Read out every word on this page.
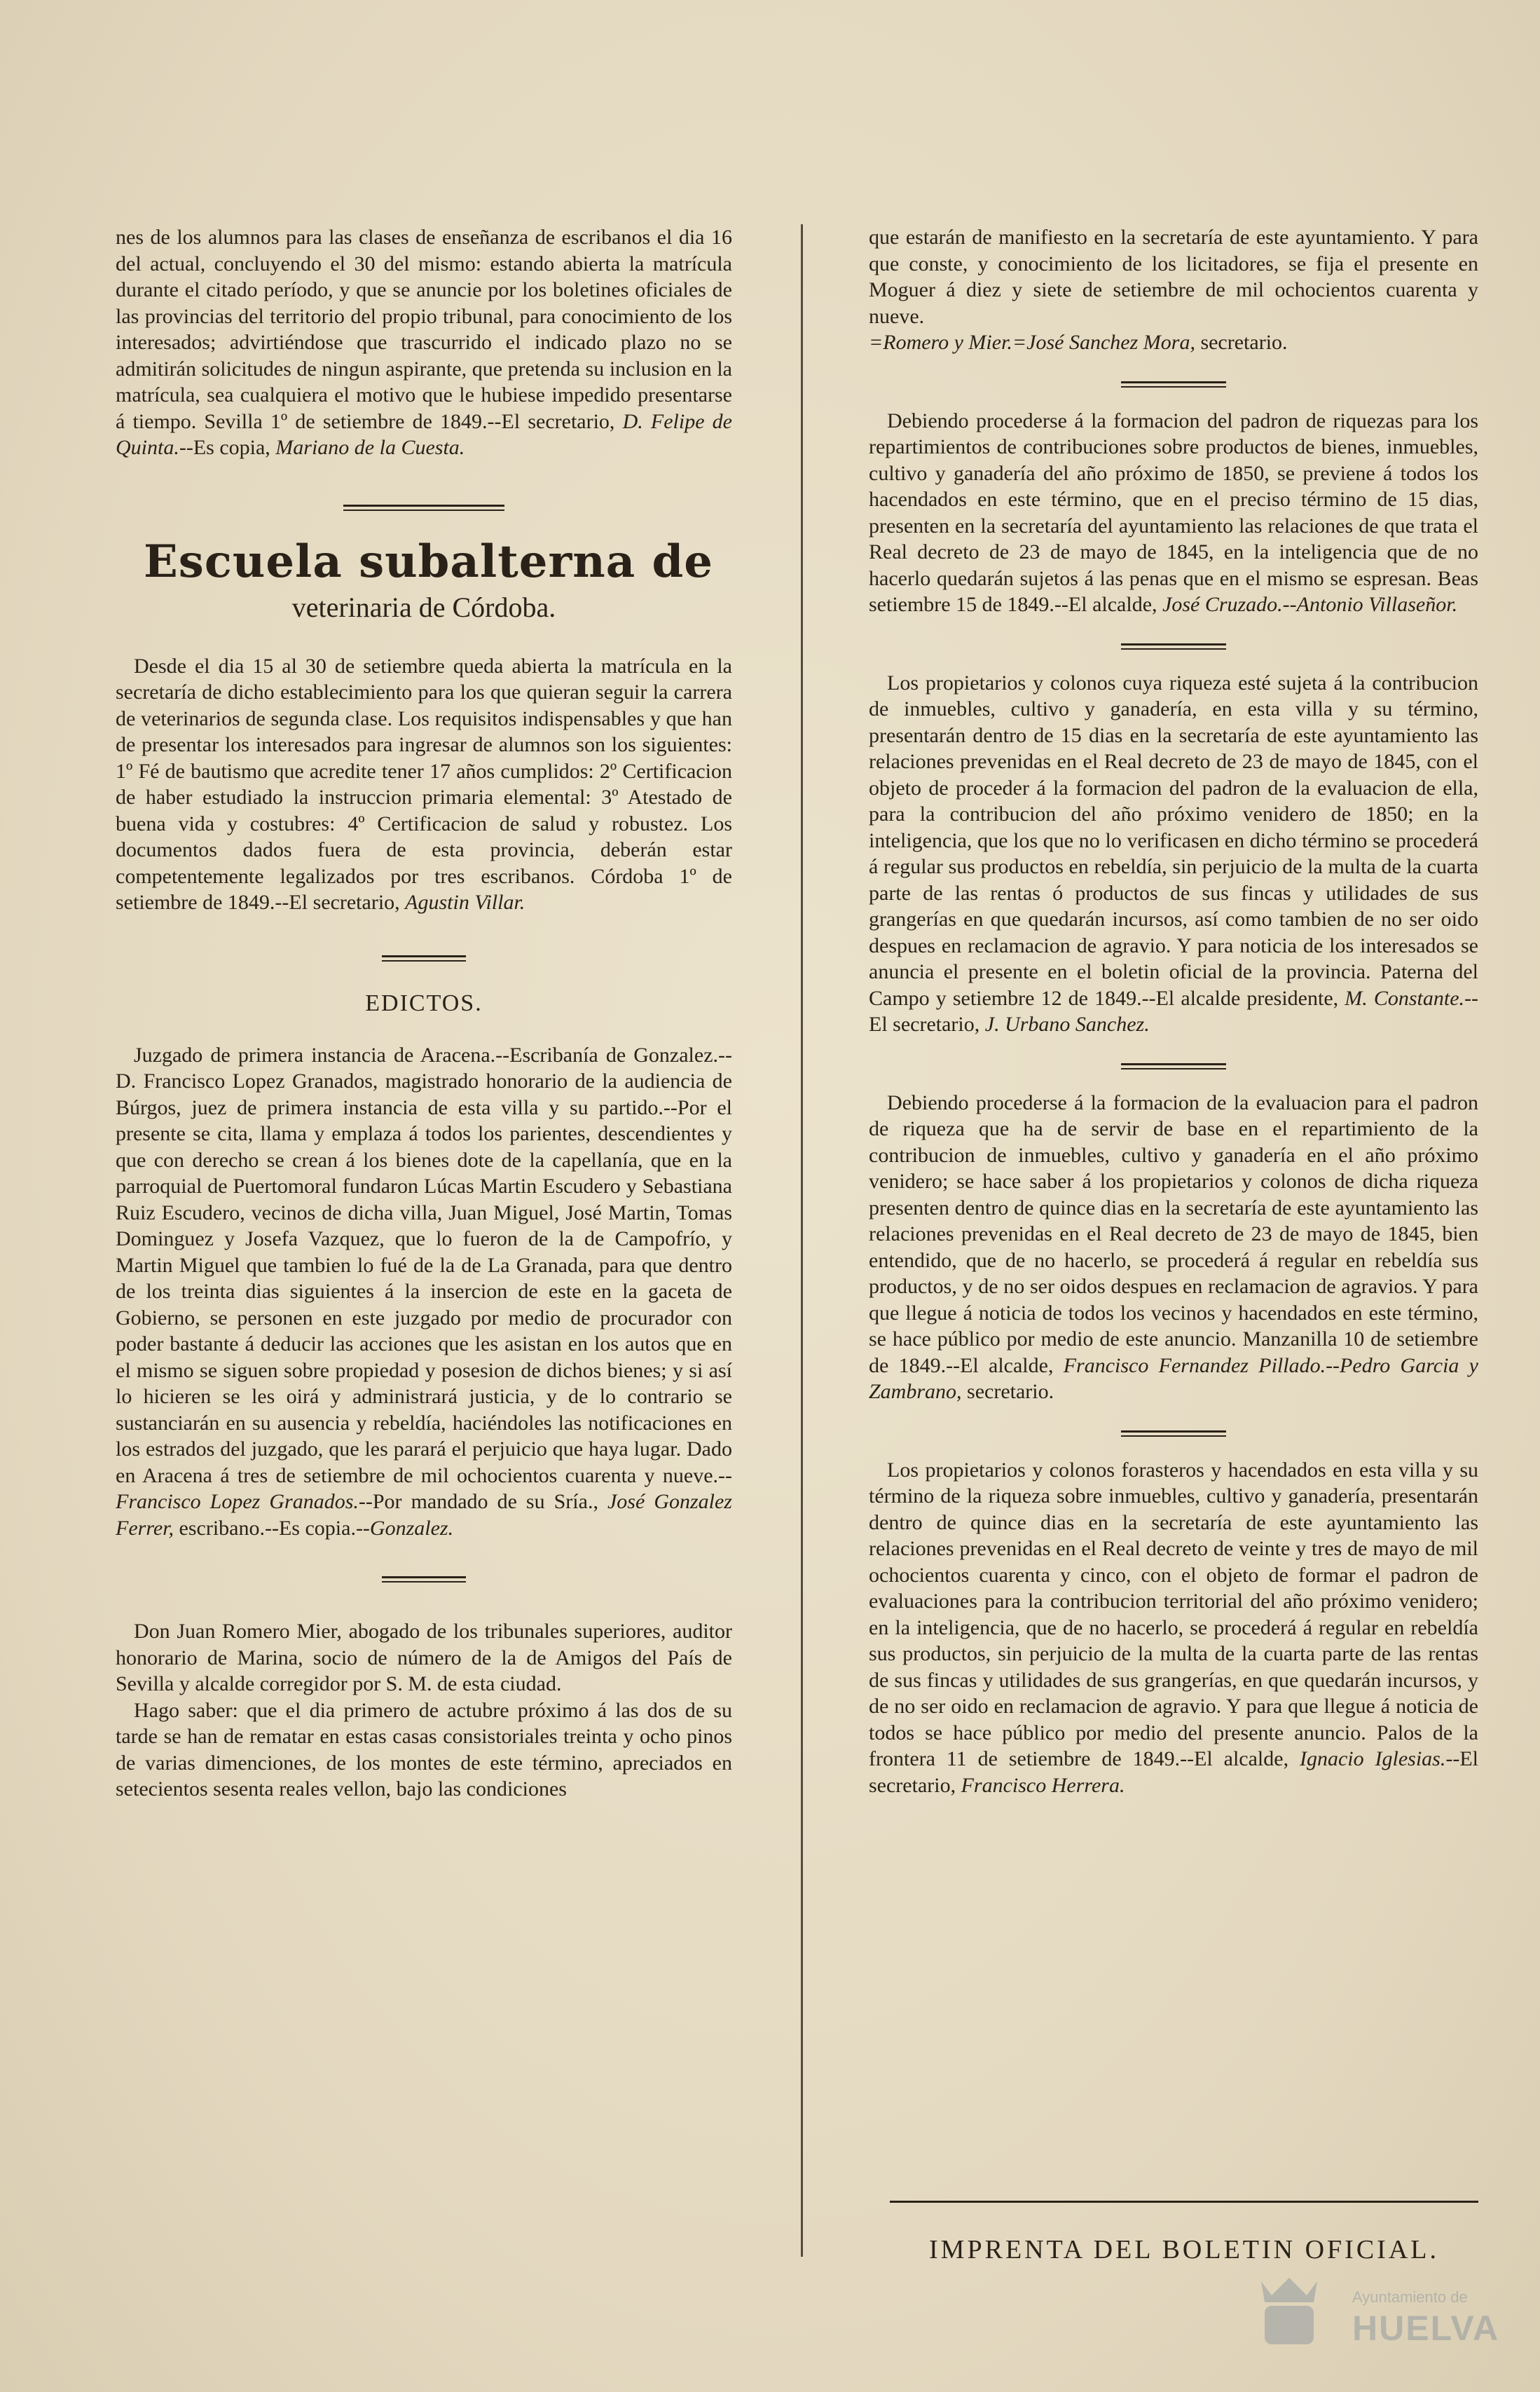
nes de los alumnos para las clases de enseñanza de escribanos el dia 16 del actual, concluyendo el 30 del mismo: estando abierta la matrícula durante el citado período, y que se anuncie por los boletines oficiales de las provincias del territorio del propio tribunal, para conocimiento de los interesados; advirtiéndose que trascurrido el indicado plazo no se admitirán solicitudes de ningun aspirante, que pretenda su inclusion en la matrícula, sea cualquiera el motivo que le hubiese impedido presentarse á tiempo. Sevilla 1º de setiembre de 1849.--El secretario, D. Felipe de Quinta.--Es copia, Mariano de la Cuesta.

Escuela subalterna de
veterinaria de Córdoba.

Desde el dia 15 al 30 de setiembre queda abierta la matrícula en la secretaría de dicho establecimiento para los que quieran seguir la carrera de veterinarios de segunda clase. Los requisitos indispensables y que han de presentar los interesados para ingresar de alumnos son los siguientes: 1º Fé de bautismo que acredite tener 17 años cumplidos: 2º Certificacion de haber estudiado la instruccion primaria elemental: 3º Atestado de buena vida y costubres: 4º Certificacion de salud y robustez. Los documentos dados fuera de esta provincia, deberán estar competentemente legalizados por tres escribanos. Córdoba 1º de setiembre de 1849.--El secretario, Agustin Villar.

EDICTOS.

Juzgado de primera instancia de Aracena.--Escribanía de Gonzalez.--D. Francisco Lopez Granados, magistrado honorario de la audiencia de Búrgos, juez de primera instancia de esta villa y su partido.--Por el presente se cita, llama y emplaza á todos los parientes, descendientes y que con derecho se crean á los bienes dote de la capellanía, que en la parroquial de Puertomoral fundaron Lúcas Martin Escudero y Sebastiana Ruiz Escudero, vecinos de dicha villa, Juan Miguel, José Martin, Tomas Dominguez y Josefa Vazquez, que lo fueron de la de Campofrío, y Martin Miguel que tambien lo fué de la de La Granada, para que dentro de los treinta dias siguientes á la insercion de este en la gaceta de Gobierno, se personen en este juzgado por medio de procurador con poder bastante á deducir las acciones que les asistan en los autos que en el mismo se siguen sobre propiedad y posesion de dichos bienes; y si así lo hicieren se les oirá y administrará justicia, y de lo contrario se sustanciarán en su ausencia y rebeldía, haciéndoles las notificaciones en los estrados del juzgado, que les parará el perjuicio que haya lugar. Dado en Aracena á tres de setiembre de mil ochocientos cuarenta y nueve.--Francisco Lopez Granados.--Por mandado de su Sría., José Gonzalez Ferrer, escribano.--Es copia.--Gonzalez.

Don Juan Romero Mier, abogado de los tribunales superiores, auditor honorario de Marina, socio de número de la de Amigos del País de Sevilla y alcalde corregidor por S. M. de esta ciudad.

Hago saber: que el dia primero de actubre próximo á las dos de su tarde se han de rematar en estas casas consistoriales treinta y ocho pinos de varias dimenciones, de los montes de este término, apreciados en setecientos sesenta reales vellon, bajo las condiciones

que estarán de manifiesto en la secretaría de este ayuntamiento. Y para que conste, y conocimiento de los licitadores, se fija el presente en Moguer á diez y siete de setiembre de mil ochocientos cuarenta y nueve.
=Romero y Mier.=José Sanchez Mora, secretario.

Debiendo procederse á la formacion del padron de riquezas para los repartimientos de contribuciones sobre productos de bienes, inmuebles, cultivo y ganadería del año próximo de 1850, se previene á todos los hacendados en este término, que en el preciso término de 15 dias, presenten en la secretaría del ayuntamiento las relaciones de que trata el Real decreto de 23 de mayo de 1845, en la inteligencia que de no hacerlo quedarán sujetos á las penas que en el mismo se espresan. Beas setiembre 15 de 1849.--El alcalde, José Cruzado.--Antonio Villaseñor.

Los propietarios y colonos cuya riqueza esté sujeta á la contribucion de inmuebles, cultivo y ganadería, en esta villa y su término, presentarán dentro de 15 dias en la secretaría de este ayuntamiento las relaciones prevenidas en el Real decreto de 23 de mayo de 1845, con el objeto de proceder á la formacion del padron de la evaluacion de ella, para la contribucion del año próximo venidero de 1850; en la inteligencia, que los que no lo verificasen en dicho término se procederá á regular sus productos en rebeldía, sin perjuicio de la multa de la cuarta parte de las rentas ó productos de sus fincas y utilidades de sus grangerías en que quedarán incursos, así como tambien de no ser oido despues en reclamacion de agravio. Y para noticia de los interesados se anuncia el presente en el boletin oficial de la provincia. Paterna del Campo y setiembre 12 de 1849.--El alcalde presidente, M. Constante.--El secretario, J. Urbano Sanchez.

Debiendo procederse á la formacion de la evaluacion para el padron de riqueza que ha de servir de base en el repartimiento de la contribucion de inmuebles, cultivo y ganadería en el año próximo venidero; se hace saber á los propietarios y colonos de dicha riqueza presenten dentro de quince dias en la secretaría de este ayuntamiento las relaciones prevenidas en el Real decreto de 23 de mayo de 1845, bien entendido, que de no hacerlo, se procederá á regular en rebeldía sus productos, y de no ser oidos despues en reclamacion de agravios. Y para que llegue á noticia de todos los vecinos y hacendados en este término, se hace público por medio de este anuncio. Manzanilla 10 de setiembre de 1849.--El alcalde, Francisco Fernandez Pillado.--Pedro Garcia y Zambrano, secretario.

Los propietarios y colonos forasteros y hacendados en esta villa y su término de la riqueza sobre inmuebles, cultivo y ganadería, presentarán dentro de quince dias en la secretaría de este ayuntamiento las relaciones prevenidas en el Real decreto de veinte y tres de mayo de mil ochocientos cuarenta y cinco, con el objeto de formar el padron de evaluaciones para la contribucion territorial del año próximo venidero; en la inteligencia, que de no hacerlo, se procederá á regular en rebeldía sus productos, sin perjuicio de la multa de la cuarta parte de las rentas de sus fincas y utilidades de sus grangerías, en que quedarán incursos, y de no ser oido en reclamacion de agravio. Y para que llegue á noticia de todos se hace público por medio del presente anuncio. Palos de la frontera 11 de setiembre de 1849.--El alcalde, Ignacio Iglesias.--El secretario, Francisco Herrera.

IMPRENTA DEL BOLETIN OFICIAL.
Ayuntamiento de
HUELVA
